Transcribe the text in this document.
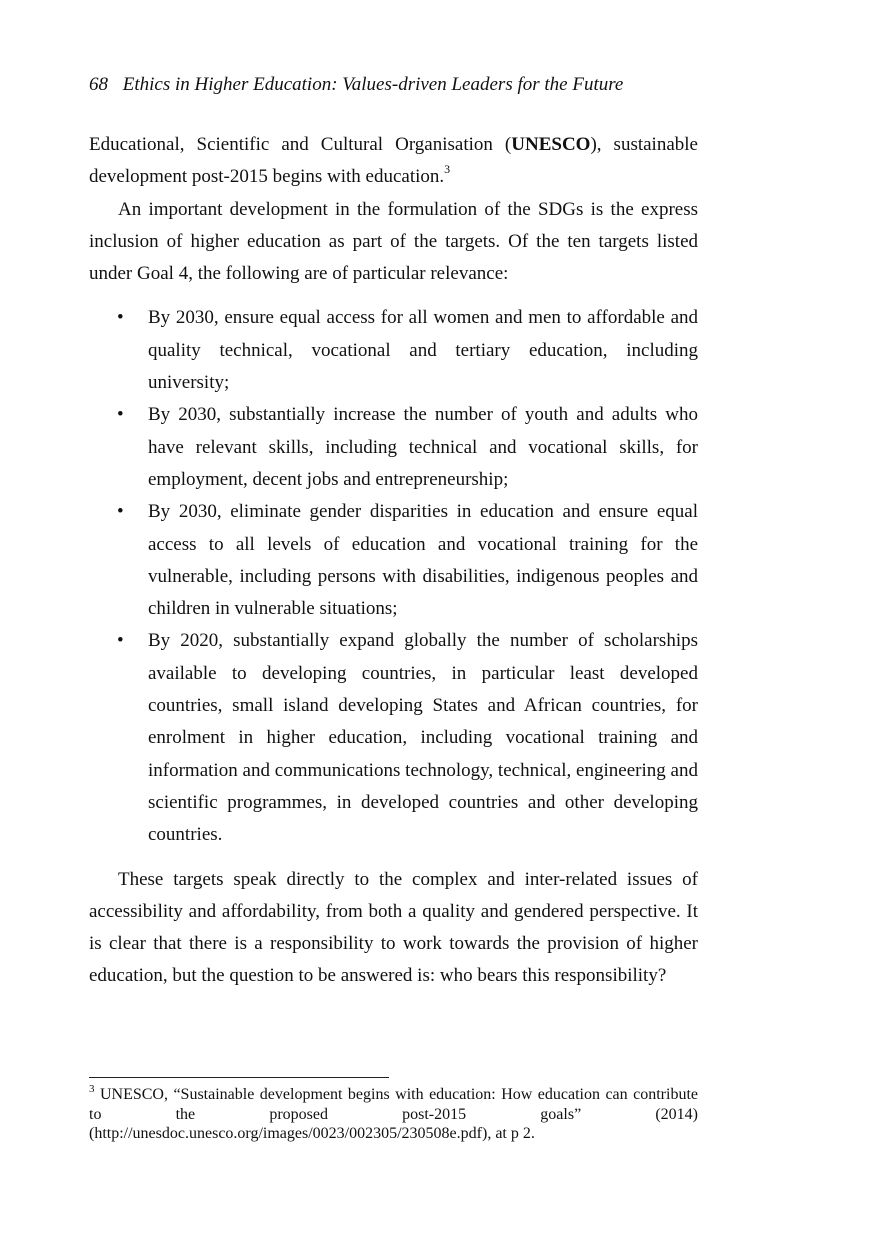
68 Ethics in Higher Education: Values-driven Leaders for the Future

Educational, Scientific and Cultural Organisation (UNESCO), sustainable development post-2015 begins with education.$^3$

An important development in the formulation of the SDGs is the express inclusion of higher education as part of the targets. Of the ten targets listed under Goal 4, the following are of particular relevance:

• By 2030, ensure equal access for all women and men to affordable and quality technical, vocational and tertiary education, including university;
• By 2030, substantially increase the number of youth and adults who have relevant skills, including technical and vocational skills, for employment, decent jobs and entrepreneurship;
• By 2030, eliminate gender disparities in education and ensure equal access to all levels of education and vocational training for the vulnerable, including persons with disabilities, indigenous peoples and children in vulnerable situations;
• By 2020, substantially expand globally the number of scholarships available to developing countries, in particular least developed countries, small island developing States and African countries, for enrolment in higher education, including vocational training and information and communications technology, technical, engineering and scientific programmes, in developed countries and other developing countries.

These targets speak directly to the complex and inter-related issues of accessibility and affordability, from both a quality and gendered perspective. It is clear that there is a responsibility to work towards the provision of higher education, but the question to be answered is: who bears this responsibility?

$^3$ UNESCO, “Sustainable development begins with education: How education can contribute to the proposed post-2015 goals” (2014) (http://unesdoc.unesco.org/images/0023/002305/230508e.pdf), at p 2.
